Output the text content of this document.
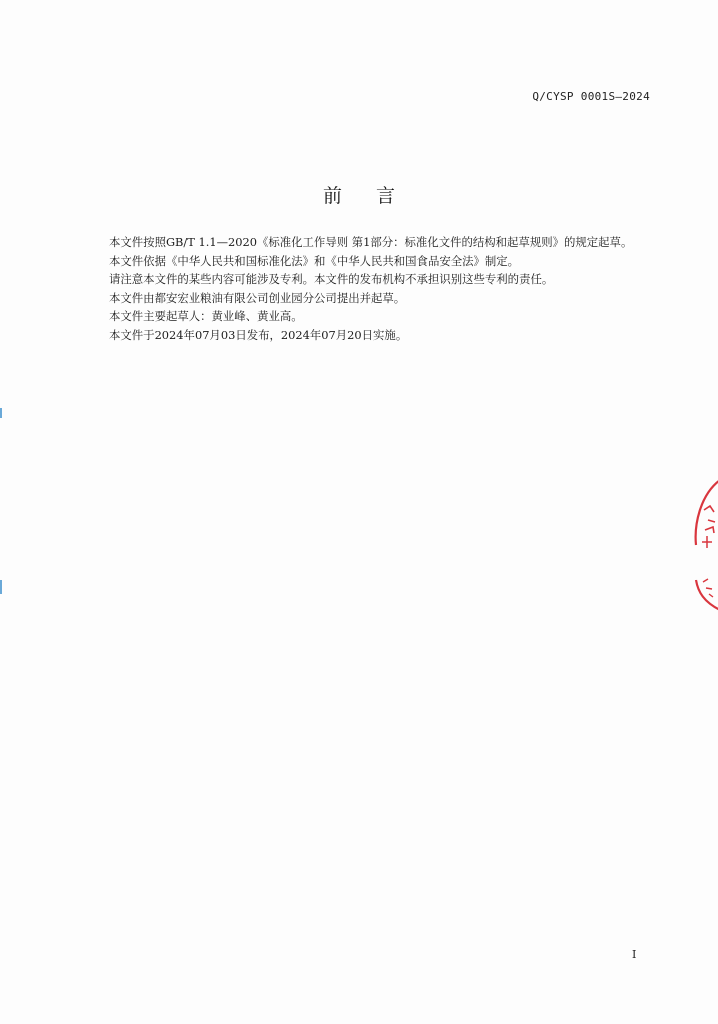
Q/CYSP 0001S—2024
前言

本文件按照GB/T 1.1—2020《标准化工作导则 第1部分：标准化文件的结构和起草规则》的规定起草。

本文件依据《中华人民共和国标准化法》和《中华人民共和国食品安全法》制定。

请注意本文件的某些内容可能涉及专利。本文件的发布机构不承担识别这些专利的责任。

本文件由都安宏业粮油有限公司创业园分公司提出并起草。

本文件主要起草人：黄业峰、黄业高。

本文件于2024年07月03日发布，2024年07月20日实施。

I
